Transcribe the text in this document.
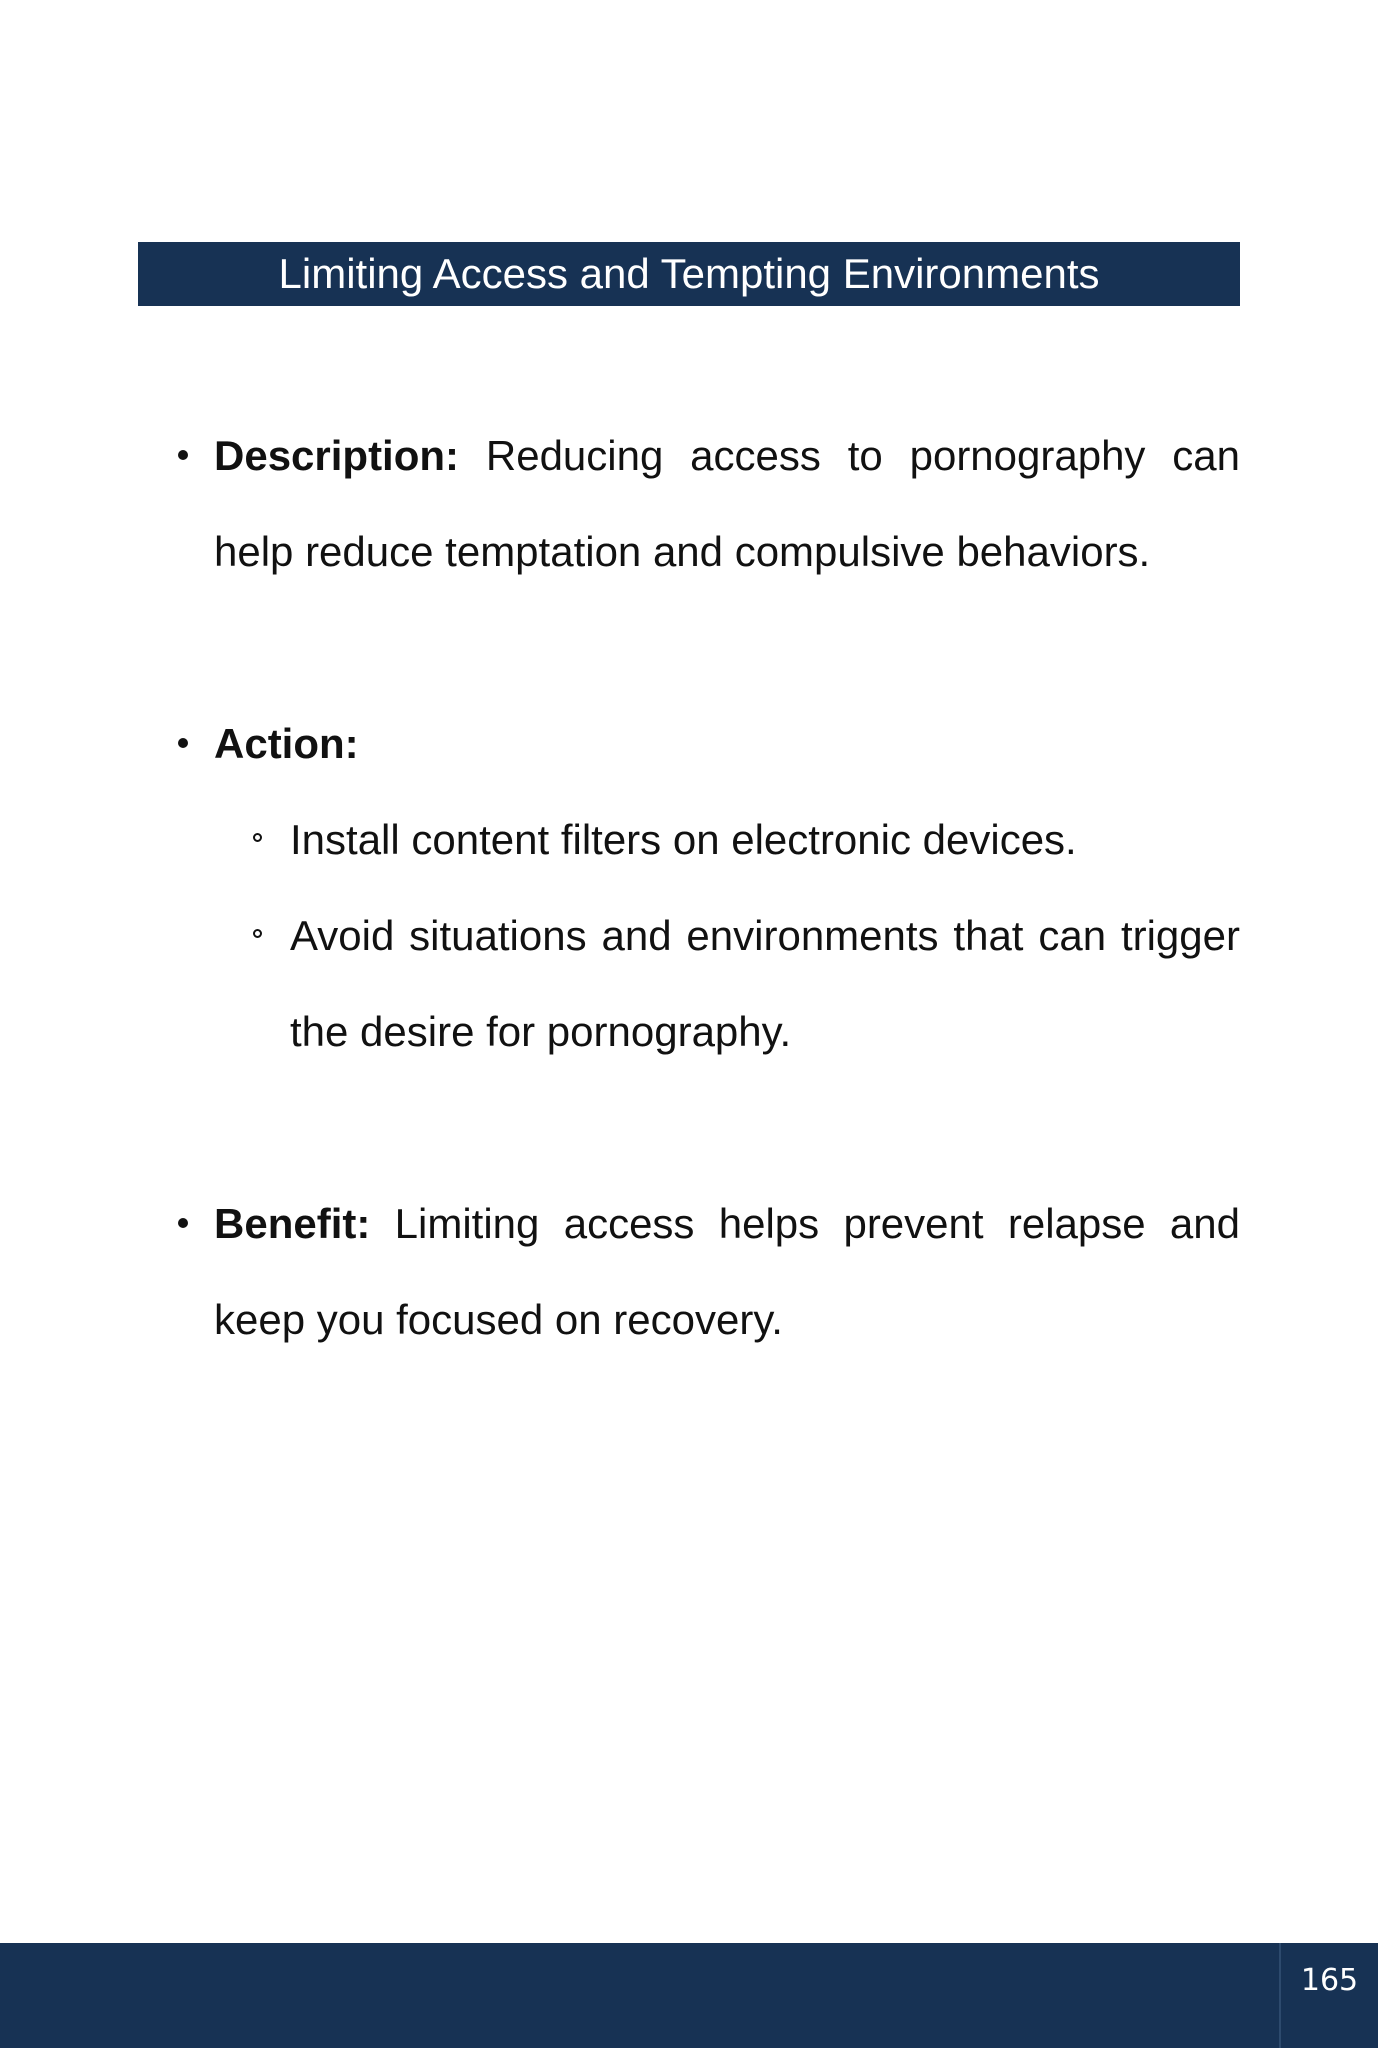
Limiting Access and Tempting Environments
Description: Reducing access to pornography can help reduce temptation and compulsive behaviors.
Action:
Install content filters on electronic devices.
Avoid situations and environments that can trigger the desire for pornography.
Benefit: Limiting access helps prevent relapse and keep you focused on recovery.
165
